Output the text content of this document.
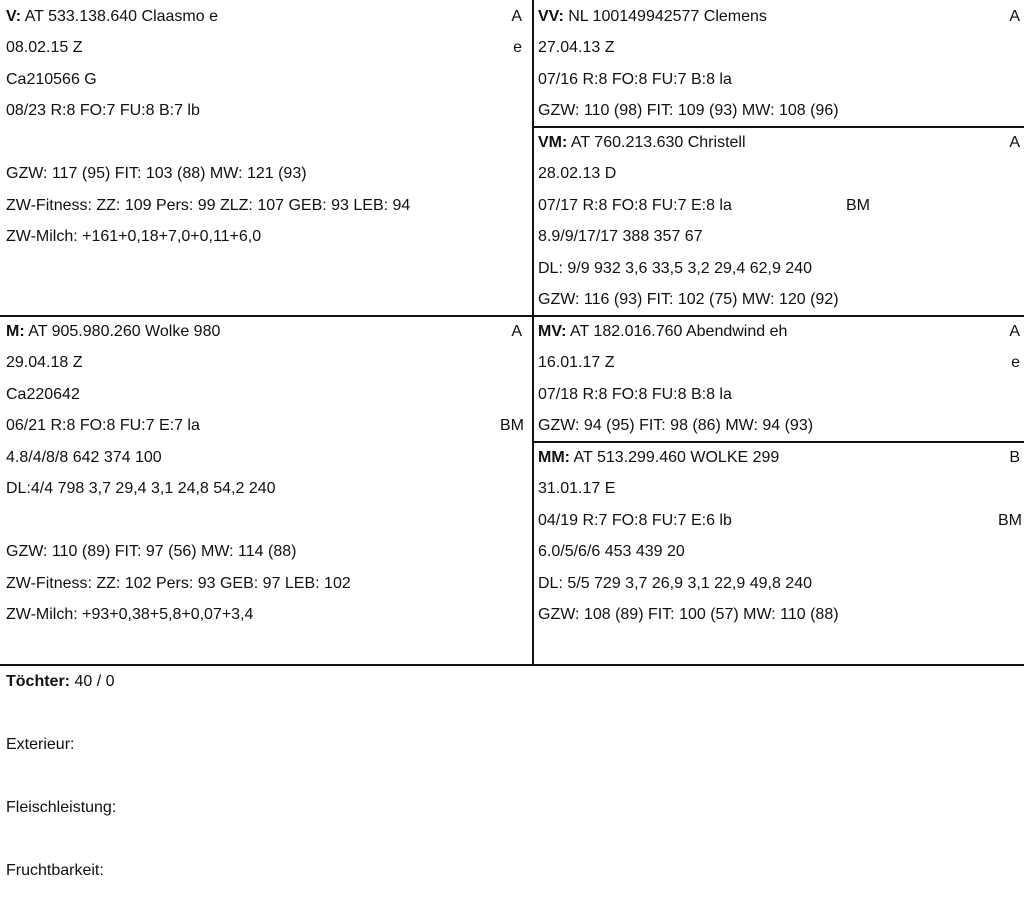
V: AT 533.138.640 Claasmo e	A
e
08.02.15 Z
Ca210566 G
08/23 R:8 FO:7 FU:8 B:7 lb
GZW: 117 (95) FIT: 103 (88) MW: 121 (93)
ZW-Fitness: ZZ: 109 Pers: 99 ZLZ: 107 GEB: 93 LEB: 94
ZW-Milch: +161+0,18+7,0+0,11+6,0
VV: NL 100149942577 Clemens	A
27.04.13 Z
07/16 R:8 FO:8 FU:7 B:8 la
GZW: 110 (98) FIT: 109 (93) MW: 108 (96)
VM: AT 760.213.630 Christell	A
28.02.13 D
07/17 R:8 FO:8 FU:7 E:8 la	BM
8.9/9/17/17 388 357 67
DL: 9/9 932 3,6 33,5 3,2 29,4 62,9 240
GZW: 116 (93) FIT: 102 (75) MW: 120 (92)
M: AT 905.980.260 Wolke 980	A
29.04.18 Z
Ca220642
06/21 R:8 FO:8 FU:7 E:7 la	BM
4.8/4/8/8 642 374 100
DL:4/4 798 3,7 29,4 3,1 24,8 54,2 240
GZW: 110 (89) FIT: 97 (56) MW: 114 (88)
ZW-Fitness: ZZ: 102 Pers: 93 GEB: 97 LEB: 102
ZW-Milch: +93+0,38+5,8+0,07+3,4
MV: AT 182.016.760 Abendwind eh	A
e
16.01.17 Z
07/18 R:8 FO:8 FU:8 B:8 la
GZW: 94 (95) FIT: 98 (86) MW: 94 (93)
MM: AT 513.299.460 WOLKE 299	B
31.01.17 E
04/19 R:7 FO:8 FU:7 E:6 lb	BM
6.0/5/6/6 453 439 20
DL: 5/5 729 3,7 26,9 3,1 22,9 49,8 240
GZW: 108 (89) FIT: 100 (57) MW: 110 (88)
Töchter: 40 / 0
Exterieur:
Fleischleistung:
Fruchtbarkeit:
